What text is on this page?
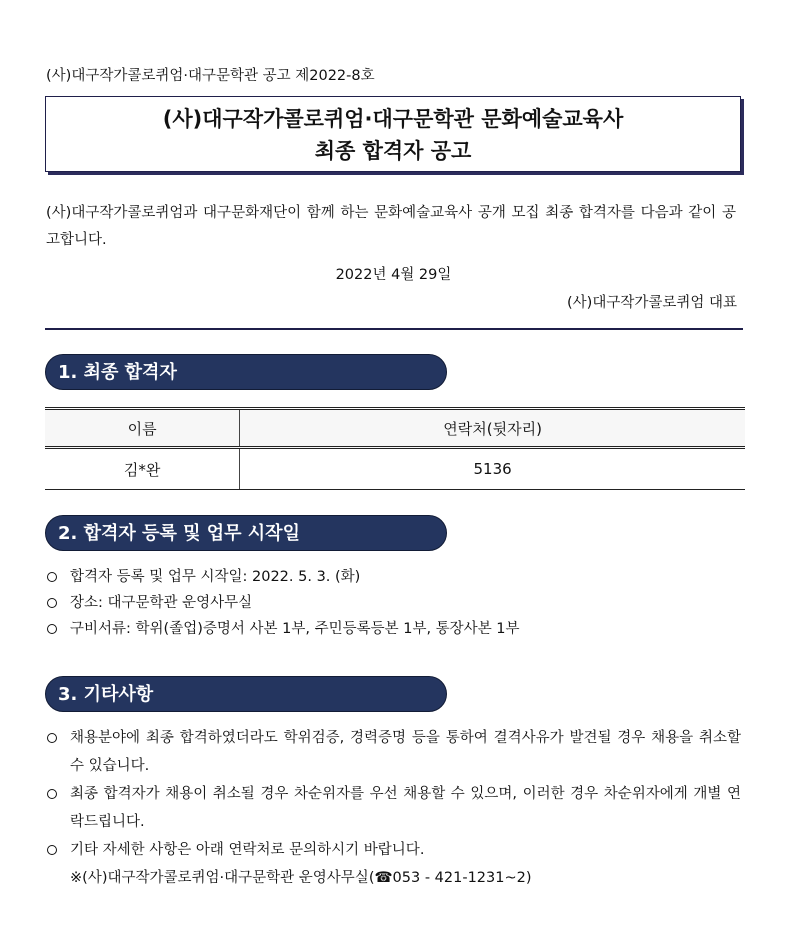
(사)대구작가콜로퀴엄·대구문학관 공고 제2022-8호
(사)대구작가콜로퀴엄·대구문학관 문화예술교육사
최종 합격자 공고
(사)대구작가콜로퀴엄과 대구문화재단이 함께 하는 문화예술교육사 공개 모집 최종 합격자를 다음과 같이 공고합니다.
2022년 4월 29일
(사)대구작가콜로퀴엄 대표
1. 최종 합격자
이름	연락처(뒷자리)
김*완	5136
2. 합격자 등록 및 업무 시작일
합격자 등록 및 업무 시작일: 2022. 5. 3. (화)
장소: 대구문학관 운영사무실
구비서류: 학위(졸업)증명서 사본 1부, 주민등록등본 1부, 통장사본 1부
3. 기타사항
채용분야에 최종 합격하였더라도 학위검증, 경력증명 등을 통하여 결격사유가 발견될 경우 채용을 취소할 수 있습니다.
최종 합격자가 채용이 취소될 경우 차순위자를 우선 채용할 수 있으며, 이러한 경우 차순위자에게 개별 연락드립니다.
기타 자세한 사항은 아래 연락처로 문의하시기 바랍니다.
※(사)대구작가콜로퀴엄·대구문학관 운영사무실(☎053 - 421-1231~2)
